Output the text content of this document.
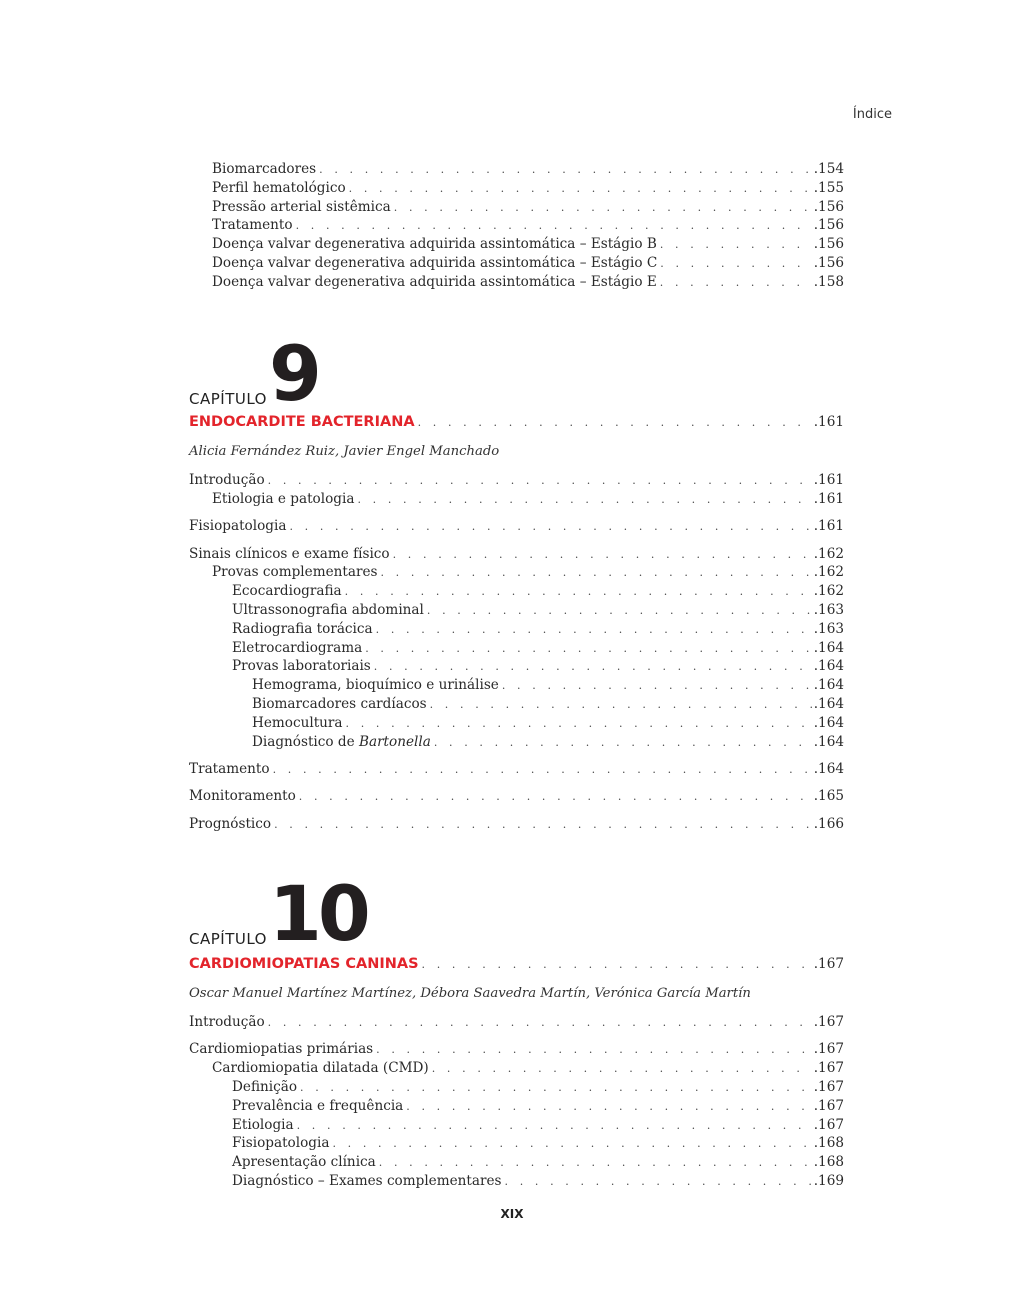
Índice
Biomarcadores . . .	.154
Perfil hematológico . . .	.155
Pressão arterial sistêmica . . .	.156
Tratamento . . .	.156
Doença valvar degenerativa adquirida assintomática – Estágio B . . .	.156
Doença valvar degenerativa adquirida assintomática – Estágio C . . .	.156
Doença valvar degenerativa adquirida assintomática – Estágio E . . .	.158
CAPÍTULO 9
ENDOCARDITE BACTERIANA . . .	.161
Alicia Fernández Ruiz, Javier Engel Manchado
Introdução . . .	.161
Etiologia e patologia . . .	.161
Fisiopatologia . . .	.161
Sinais clínicos e exame físico . . .	.162
Provas complementares . . .	.162
Ecocardiografia . . .	.162
Ultrassonografia abdominal . . .	.163
Radiografia torácica . . .	.163
Eletrocardiograma . . .	.164
Provas laboratoriais . . .	.164
Hemograma, bioquímico e urinálise . . .	.164
Biomarcadores cardíacos . . .	.164
Hemocultura . . .	.164
Diagnóstico de Bartonella . . .	.164
Tratamento . . .	.164
Monitoramento . . .	.165
Prognóstico . . .	.166
CAPÍTULO 10
CARDIOMIOPATIAS CANINAS . . .	.167
Oscar Manuel Martínez Martínez, Débora Saavedra Martín, Verónica García Martín
Introdução . . .	.167
Cardiomiopatias primárias . . .	.167
Cardiomiopatia dilatada (CMD) . . .	.167
Definição . . .	.167
Prevalência e frequência . . .	.167
Etiologia . . .	.167
Fisiopatologia . . .	.168
Apresentação clínica . . .	.168
Diagnóstico – Exames complementares . . .	.169
XIX
